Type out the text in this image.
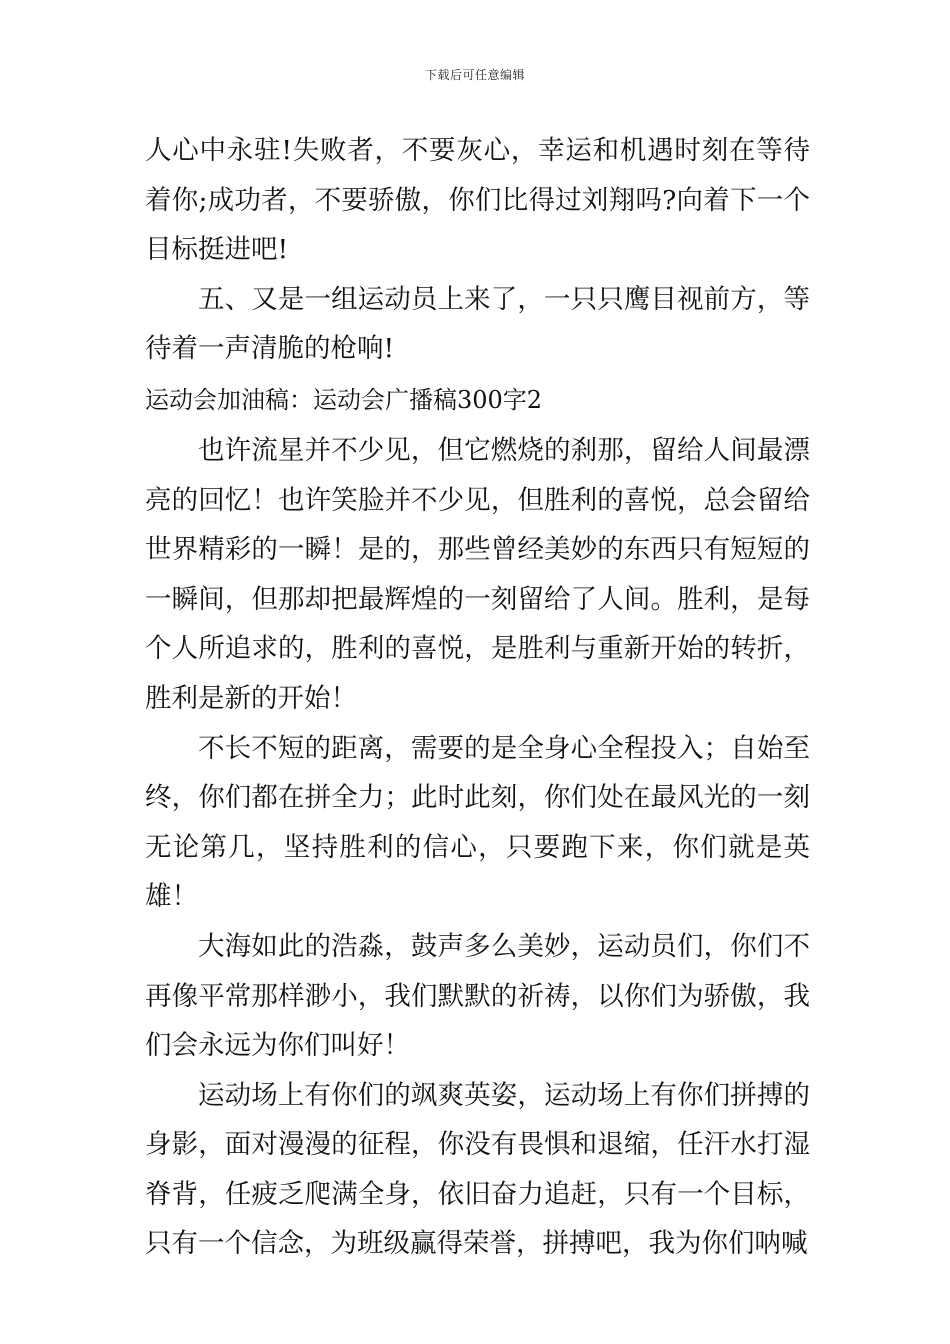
下载后可任意编辑

人心中永驻!失败者，不要灰心，幸运和机遇时刻在等待着你;成功者，不要骄傲，你们比得过刘翔吗?向着下一个目标挺进吧!

五、又是一组运动员上来了，一只只鹰目视前方，等待着一声清脆的枪响!

运动会加油稿：运动会广播稿300字2

也许流星并不少见，但它燃烧的刹那，留给人间最漂亮的回忆！也许笑脸并不少见，但胜利的喜悦，总会留给世界精彩的一瞬！是的，那些曾经美妙的东西只有短短的一瞬间，但那却把最辉煌的一刻留给了人间。胜利，是每个人所追求的，胜利的喜悦，是胜利与重新开始的转折，胜利是新的开始！

不长不短的距离，需要的是全身心全程投入；自始至终，你们都在拼全力；此时此刻，你们处在最风光的一刻无论第几，坚持胜利的信心，只要跑下来，你们就是英雄！

大海如此的浩淼，鼓声多么美妙，运动员们，你们不再像平常那样渺小，我们默默的祈祷，以你们为骄傲，我们会永远为你们叫好！

运动场上有你们的飒爽英姿，运动场上有你们拼搏的身影，面对漫漫的征程，你没有畏惧和退缩，任汗水打湿脊背，任疲乏爬满全身，依旧奋力追赶，只有一个目标，只有一个信念，为班级赢得荣誉，拼搏吧，我为你们呐喊
